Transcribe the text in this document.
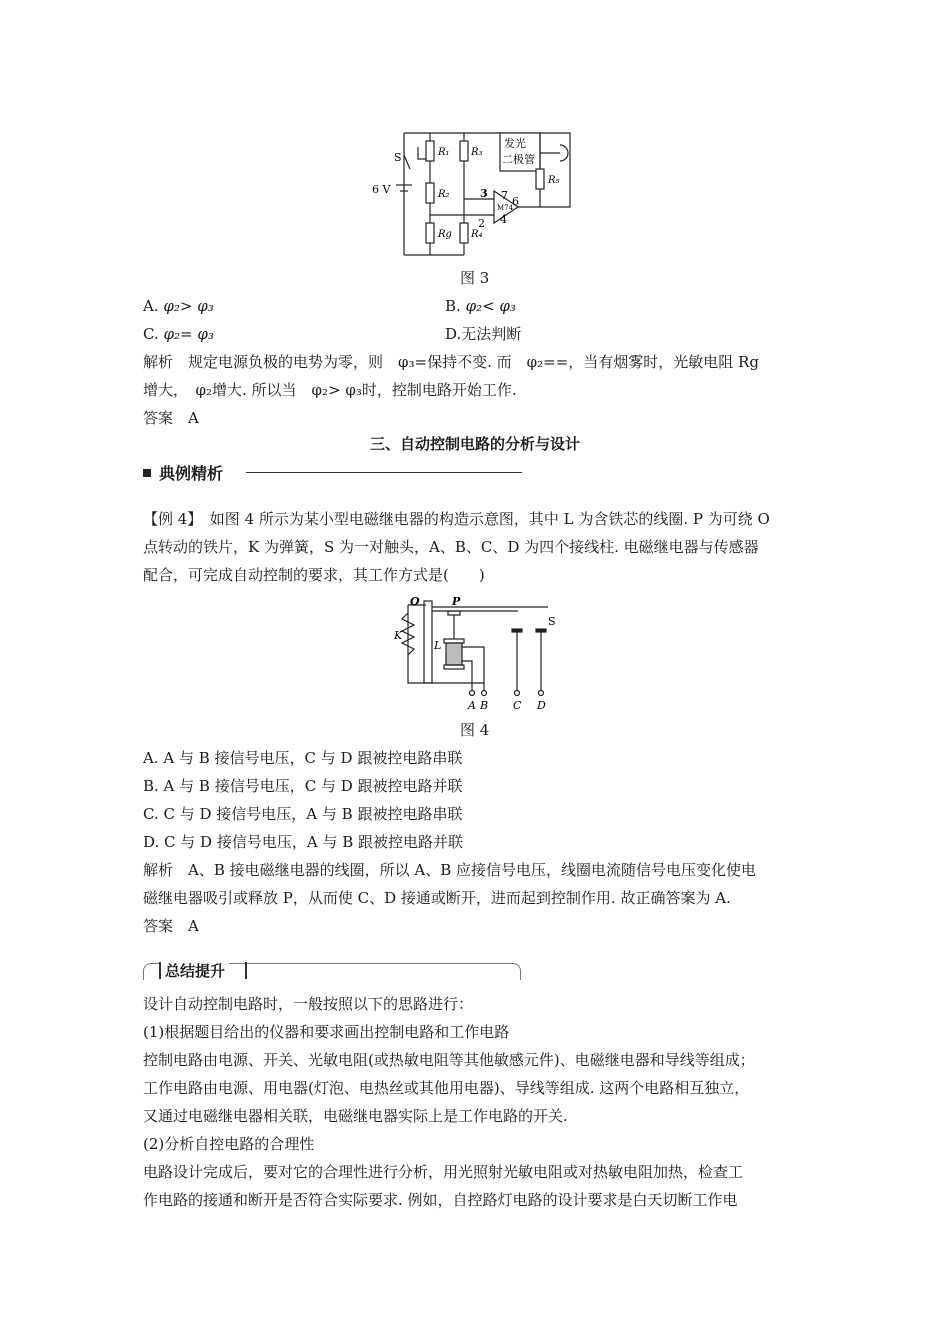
S
6 V
R₁
R₂
Rg
R₃
R₄
R₅
M74
发光
二极管
3 7 6
2 4
图 3
A. φ₂> φ₃	B. φ₂< φ₃
C. φ₂= φ₃	D.无法判断
解析　规定电源负极的电势为零，则　φ₃=保持不变. 而　φ₂==，当有烟雾时，光敏电阻 Rg
增大，　φ₂增大. 所以当　φ₂> φ₃时，控制电路开始工作.
答案　A
三、自动控制电路的分析与设计
典例精析
【例 4】　如图 4 所示为某小型电磁继电器的构造示意图，其中 L 为含铁芯的线圈. P 为可绕 O
点转动的铁片，K 为弹簧，S 为一对触头，A、B、C、D 为四个接线柱. 电磁继电器与传感器
配合，可完成自动控制的要求，其工作方式是(　　)
O	P
K
L
S
A B C D
图 4
A. A 与 B 接信号电压，C 与 D 跟被控电路串联
B. A 与 B 接信号电压，C 与 D 跟被控电路并联
C. C 与 D 接信号电压，A 与 B 跟被控电路串联
D. C 与 D 接信号电压，A 与 B 跟被控电路并联
解析　A、B 接电磁继电器的线圈，所以 A、B 应接信号电压，线圈电流随信号电压变化使电
磁继电器吸引或释放 P，从而使 C、D 接通或断开，进而起到控制作用. 故正确答案为 A.
答案　A
总结提升
设计自动控制电路时，一般按照以下的思路进行：
(1)根据题目给出的仪器和要求画出控制电路和工作电路
控制电路由电源、开关、光敏电阻(或热敏电阻等其他敏感元件)、电磁继电器和导线等组成；
工作电路由电源、用电器(灯泡、电热丝或其他用电器)、导线等组成. 这两个电路相互独立，
又通过电磁继电器相关联，电磁继电器实际上是工作电路的开关.
(2)分析自控电路的合理性
电路设计完成后，要对它的合理性进行分析，用光照射光敏电阻或对热敏电阻加热，检查工
作电路的接通和断开是否符合实际要求. 例如，自控路灯电路的设计要求是白天切断工作电
